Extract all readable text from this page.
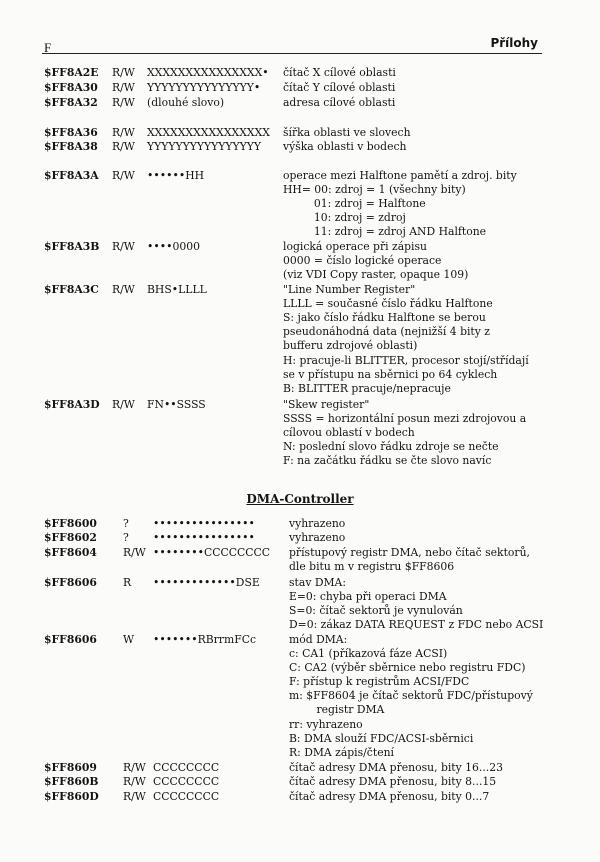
F	Přílohy
$FF8A2E R/W XXXXXXXXXXXXXXX• čítač X cílové oblasti
$FF8A30 R/W YYYYYYYYYYYYYYY• čítač Y cílové oblasti
$FF8A32 R/W (dlouhé slovo)	adresa cílové oblasti
$FF8A36 R/W XXXXXXXXXXXXXXXX šířka oblasti ve slovech
$FF8A38 R/W YYYYYYYYYYYYYYYY výška oblasti v bodech
$FF8A3A R/W ••••••HH	operace mezi Halftone pamětí a zdroj. bity
HH= 00: zdroj = 1 (všechny bity)
01: zdroj = Halftone
10: zdroj = zdroj
11: zdroj = zdroj AND Halftone
$FF8A3B R/W ••••0000	logická operace při zápisu
0000 = číslo logické operace
(viz VDI Copy raster, opaque 109)
$FF8A3C R/W BHS•LLLL	"Line Number Register"
LLLL = současné číslo řádku Halftone
S: jako číslo řádku Halftone se berou
pseudonáhodná data (nejnižší 4 bity z
bufferu zdrojové oblasti)
H: pracuje-li BLITTER, procesor stojí/střídají
se v přístupu na sběrnici po 64 cyklech
B: BLITTER pracuje/nepracuje
$FF8A3D R/W FN••SSSS	"Skew register"
SSSS = horizontální posun mezi zdrojovou a
cílovou oblastí v bodech
N: poslední slovo řádku zdroje se nečte
F: na začátku řádku se čte slovo navíc
DMA-Controller
$FF8600 ? ••••••••••••••••	vyhrazeno
$FF8602 ? ••••••••••••••••	vyhrazeno
$FF8604 R/W ••••••••CCCCCCCC přístupový registr DMA, nebo čítač sektorů,
dle bitu m v registru $FF8606
$FF8606 R •••••••••••••DSE	stav DMA:
E=0: chyba při operaci DMA
S=0: čítač sektorů je vynulován
D=0: zákaz DATA REQUEST z FDC nebo ACSI
$FF8606 W •••••••RBrrmFCc	mód DMA:
c: CA1 (příkazová fáze ACSI)
C: CA2 (výběr sběrnice nebo registru FDC)
F: přístup k registrům ACSI/FDC
m: $FF8604 je čítač sektorů FDC/přístupový
registr DMA
rr: vyhrazeno
B: DMA slouží FDC/ACSI-sběrnici
R: DMA zápis/čtení
$FF8609 R/W CCCCCCCC	čítač adresy DMA přenosu, bity 16...23
$FF860B R/W CCCCCCCC	čítač adresy DMA přenosu, bity 8...15
$FF860D R/W CCCCCCCC	čítač adresy DMA přenosu, bity 0...7
